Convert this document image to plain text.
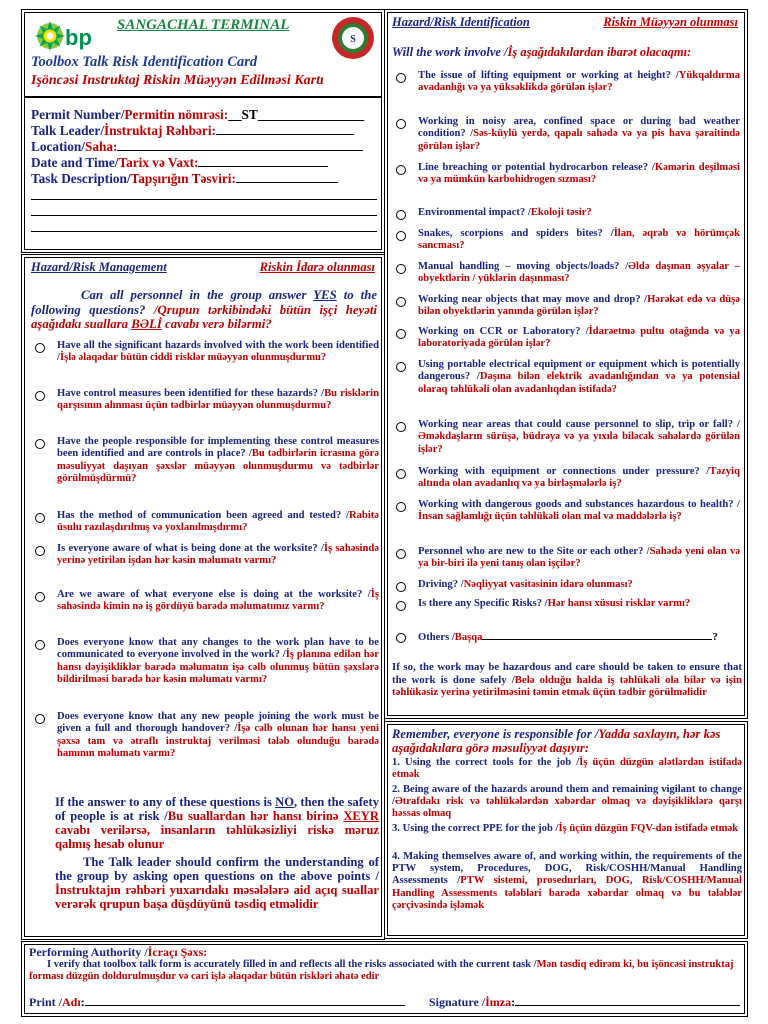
bp SANGACHAL TERMINAL
S
Toolbox Talk Risk Identification Card
Işöncəsi Instruktaj Riskin Müəyyən Edilməsi Kartı
Permit Number/Permitin nömrəsi:__ST________________
Talk Leader/İnstruktaj Rəhbəri:
Location/Saha:
Date and Time/Tarix və Vaxt:
Task Description/Tapşırığın Təsviri:
Hazard/Risk Management	Riskin İdarə olunması
Can all personnel in the group answer YES to the following questions? /Qrupun tərkibindəki bütün işçi heyəti aşağıdakı suallara BƏLİ cavabı verə bilərmi?
Have all the significant hazards involved with the work been identified /İşlə əlaqədar bütün ciddi risklər müəyyən olunmuşdurmu?
Have control measures been identified for these hazards? /Bu risklərin qarşısının alınması üçün tədbirlər müəyyən olunmuşdurmu?
Have the people responsible for implementing these control measures been identified and are controls in place? /Bu tədbirlərin icrasına görə məsuliyyət daşıyan şəxslər müəyyən olunmuşdurmu və tədbirlər görülmüşdürmü?
Has the method of communication been agreed and tested? /Rabitə üsulu razılaşdırılmış və yoxlanılmışdırmı?
Is everyone aware of what is being done at the worksite? /İş sahəsində yerinə yetirilən işdən hər kəsin məlumatı varmı?
Are we aware of what everyone else is doing at the worksite? /İş sahəsində kimin nə iş gördüyü barədə məlumatımız varmı?
Does everyone know that any changes to the work plan have to be communicated to everyone involved in the work? /İş planına edilən hər hansı dəyişikliklər barədə məlumatın işə cəlb olunmuş bütün şəxslərə bildirilməsi barədə hər kəsin məlumatı varmı?
Does everyone know that any new people joining the work must be given a full and thorough handover? /İşə cəlb olunan hər hansı yeni şəxsə tam və ətraflı instruktaj verilməsi tələb olunduğu barədə hamının məlumatı varmı?
If the answer to any of these questions is NO, then the safety of people is at risk /Bu suallardan hər hansı birinə XEYR cavabı verilərsə, insanların təhlükəsizliyi riskə məruz qalmış hesab olunur
The Talk leader should confirm the understanding of the group by asking open questions on the above points /İnstruktajın rəhbəri yuxarıdakı məsələlərə aid açıq suallar verərək qrupun başa düşdüyünü təsdiq etməlidir
Hazard/Risk Identification	Riskin Müəyyən olunması
Will the work involve /İş aşağıdakılardan ibarət olacaqmı:
The issue of lifting equipment or working at height? /Yükqaldırma avadanlığı və ya yüksəklikdə görülən işlər?
Working in noisy area, confined space or during bad weather condition? /Səs-küylü yerdə, qapalı sahədə və ya pis hava şəraitində görülən işlər?
Line breaching or potential hydrocarbon release? /Kəmərin deşilməsi və ya mümkün karbohidrogen sızması?
Environmental impact? /Ekoloji təsir?
Snakes, scorpions and spiders bites? /İlan, əqrəb və hörümçək sancması?
Manual handling – moving objects/loads? /Əldə daşınan əşyalar – obyektlərin / yüklərin daşınması?
Working near objects that may move and drop? /Hərəkət edə və düşə bilən obyektlərin yanında görülən işlər?
Working on CCR or Laboratory? /İdarəetmə pultu otağında və ya laboratoriyada görülən işlər?
Using portable electrical equipment or equipment which is potentially dangerous? /Daşına bilən elektrik avadanlığından və ya potensial olaraq təhlükəli olan avadanlıqdan istifadə?
Working near areas that could cause personnel to slip, trip or fall? /Əməkdaşların sürüşə, büdrəyə və ya yıxıla biləcək sahələrdə görülən işlər?
Working with equipment or connections under pressure? /Təzyiq altında olan avadanlıq və ya birləşmələrlə iş?
Working with dangerous goods and substances hazardous to health? /İnsan sağlamlığı üçün təhlükəli olan mal və maddələrlə iş?
Personnel who are new to the Site or each other? /Sahədə yeni olan və ya bir-biri ilə yeni tanış olan işçilər?
Driving? /Nəqliyyat vasitəsinin idarə olunması?
Is there any Specific Risks? /Hər hansı xüsusi risklər varmı?
Others /Başqa	?
If so, the work may be hazardous and care should be taken to ensure that the work is done safely /Belə olduğu halda iş təhlükəli ola bilər və işin təhlükəsiz yerinə yetirilməsini təmin etmək üçün tədbir görülməlidir
Remember, everyone is responsible for /Yadda saxlayın, hər kəs aşağıdakılara görə məsuliyyət daşıyır:
1. Using the correct tools for the job /İş üçün düzgün alətlərdən istifadə etmək
2. Being aware of the hazards around them and remaining vigilant to change /Ətrafdakı risk və təhlükələrdən xəbərdar olmaq və dəyişikliklərə qarşı həssas olmaq
3. Using the correct PPE for the job /İş üçün düzgün FQV-dən istifadə etmək
4. Making themselves aware of, and working within, the requirements of the PTW system, Procedures, DOG, Risk/COSHH/Manual Handling Assessments /PTW sistemi, prosedurları, DOG, Risk/COSHH/Manual Handling Assessments tələbləri barədə xəbərdar olmaq və bu tələblər çərçivəsində işləmək
Performing Authority /İcraçı Şəxs:
I verify that toolbox talk form is accurately filled in and reflects all the risks associated with the current task /Mən təsdiq edirəm ki, bu işöncəsi instruktaj forması düzgün doldurulmuşdur və cari işlə əlaqədar bütün riskləri əhatə edir
Print /Adı:	Signature /İmza:
